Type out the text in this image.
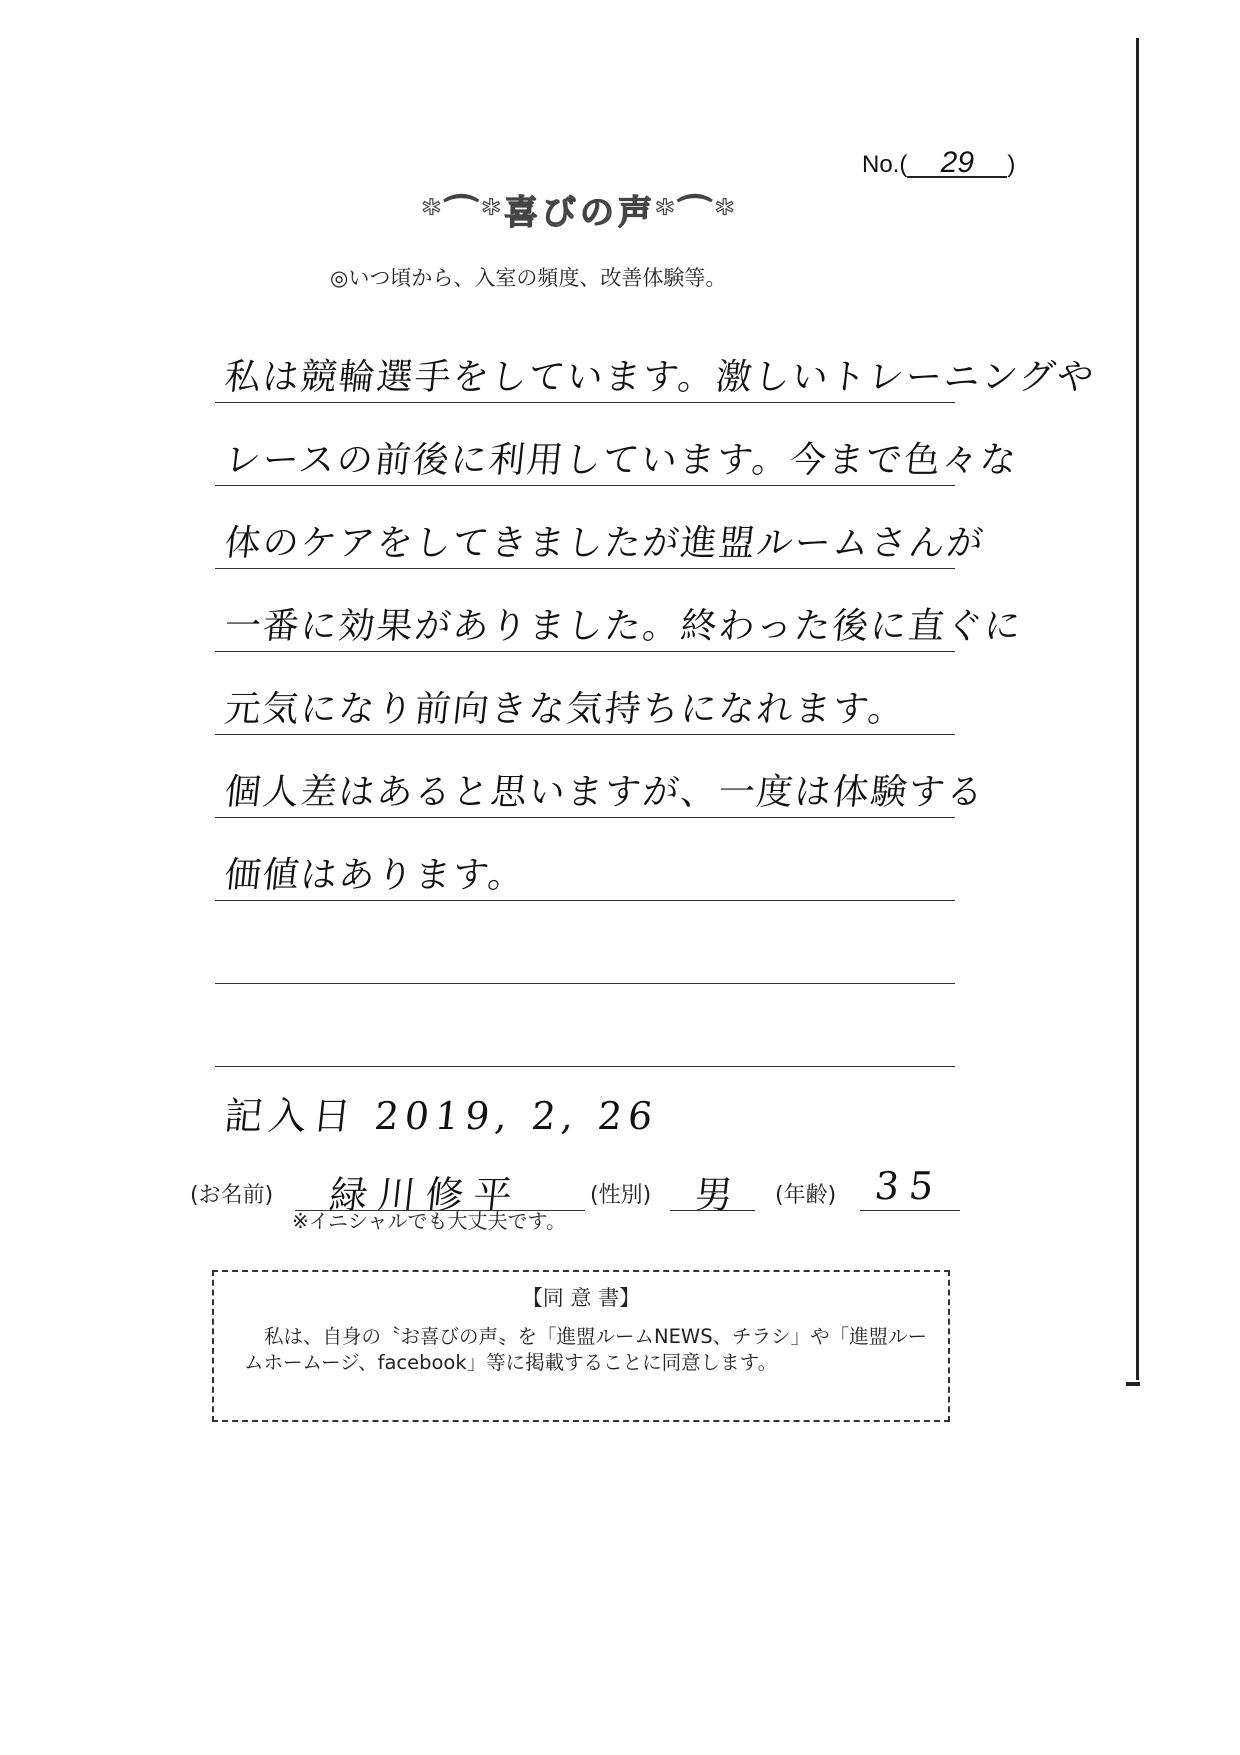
No.( 29 )
*⌒*喜びの声*⌒*
◎いつ頃から、入室の頻度、改善体験等。
私は競輪選手をしています。激しいトレーニングや
レースの前後に利用しています。今まで色々な
体のケアをしてきましたが進盟ルームさんが
一番に効果がありました。終わった後に直ぐに
元気になり前向きな気持ちになれます。
個人差はあると思いますが、一度は体験する
価値はあります。
記入日 2019, 2, 26
(お名前) 緑川修平	(性別) 男 (年齢) 35
※イニシャルでも大丈夫です。
【同 意 書】
私は、自身の〝お喜びの声〟を「進盟ルームNEWS、チラシ」や「進盟ルームホームージ、facebook」等に掲載することに同意します。
